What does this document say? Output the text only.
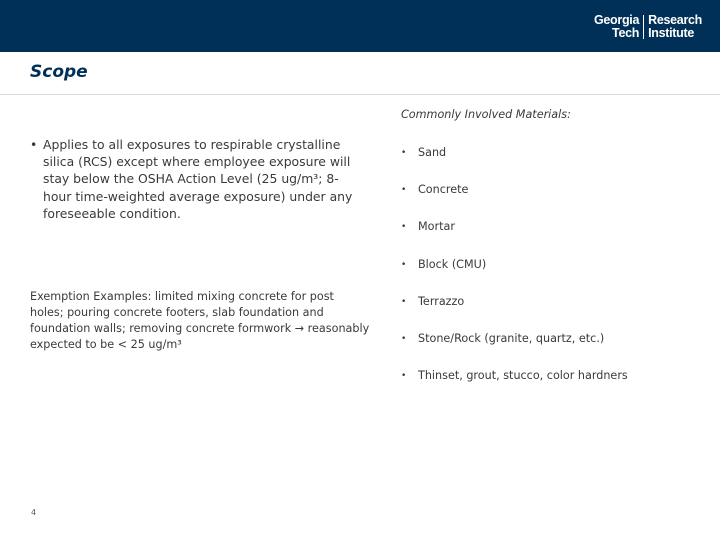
Georgia
Tech
Research
Institute
Scope
• Applies to all exposures to respirable crystalline silica (RCS) except where employee exposure will stay below the OSHA Action Level (25 ug/m³; 8-hour time-weighted average exposure) under any foreseeable condition.
Exemption Examples: limited mixing concrete for post holes; pouring concrete footers, slab foundation and foundation walls; removing concrete formwork → reasonably expected to be < 25 ug/m³
Commonly Involved Materials:
•	Sand
•	Concrete
•	Mortar
•	Block (CMU)
•	Terrazzo
•	Stone/Rock (granite, quartz, etc.)
•	Thinset, grout, stucco, color hardners
4
